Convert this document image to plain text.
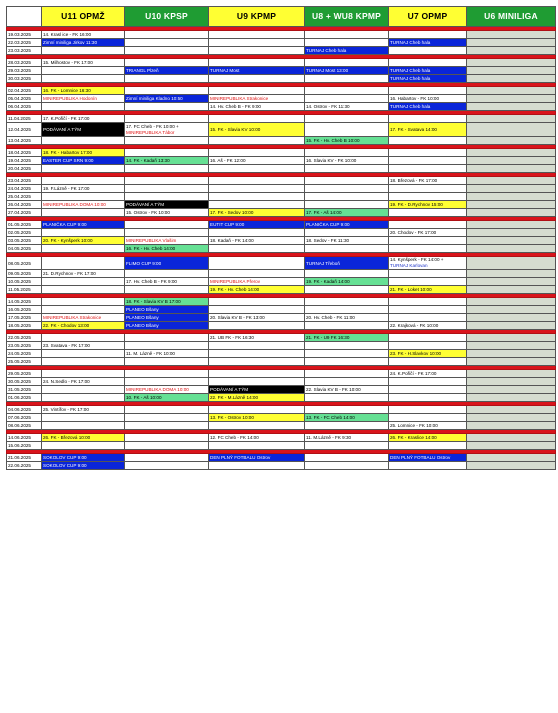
	U11 OPMŽ	U10 KPSP	U9 KPMP	U8 + WU8 KPMP	U7 OPMP	U6 MINILIGA

19.03.2025	14. Krasl ice - FK 16:00					
22.03.2025	Zimní miniliga Jirkov 11:30				TURNAJ Cheb hala	
23.03.2025				TURNAJ Cheb hala		

28.03.2025	15. Milhostov - FK 17:00					
29.03.2025		TRIANGL Plzeň	TURNAJ Most	TURNAJ Most 13:00	TURNAJ Cheb hala	
30.03.2025					TURNAJ Cheb hala	

02.04.2025	16. FK - Lomnice 16:30					
05.04.2025	MINIREPUBLIKA Hodonín	Zimní miniliga Kladno 10:50	MINIREPUBLIKA Strakonice		16. Habartov - FK 10:00	
06.04.2025			14. Hv. Cheb B - FK 9:00	14. Ostrov - FK 11:30	TURNAJ Cheb hala	

11.04.2025	17. K.Pořičí - FK 17:00					
12.04.2025	PODÁVANÍ A TÝM	17. FC Cheb - FK 10:00 +
MINIREPUBLIKA Tábor	15. FK - Slavia KV 10:00		17. FK - Svatava 14:00	
13.04.2025				15. FK - Hv. Cheb B 10:00		

18.04.2025	18. FK - Habartov 17:00					
19.04.2025	EASTER CUP SRN 9:00	14. FK - Kadaň 13:30	16. Aš - FK 12:00	16. Slavia KV - FK 10:00		
20.04.2025						

23.04.2025					18. Březová - FK 17:00	
24.04.2025	19. F.Lázně - FK 17:00					
25.04.2025						
26.04.2025	MINIREPUBLIKA DOMA 10:00	PODÁVANÍ A TÝM			19. FK - D.Rychnov 15:00	
27.04.2025		15. Ostrov - FK 10:00	17. FK - Sedov 10:00	17. FK - Aš 14:00		

01.05.2025	PLANIČKA CUP 9:00		EUTIT CUP 9:00	PLANIČKA CUP 9:00		
02.05.2025					20. Chodov - FK 17:00	
03.05.2025	20. FK - Kynšperk 10:00	MINIREPUBLIKA Vlašim	18. Kadaň - FK 14:00	18. Sedov - FK 11:30		
04.05.2025		16. FK - Hv. Cheb 14:00				

08.05.2025		FLIMO CUP 9:00		TURNAJ Třeboň	14. Kynšperk - FK 14:00 +
TURNAJ Karlovan	

09.05.2025	21. D.Rychnov - FK 17:00					
10.05.2025		17. Hv. Cheb B - FK 9:00	MINIREPUBLIKA Přerov	19. FK - Kadaň 14:00		
11.05.2025			19. FK - Hv. Cheb 14:00		21. FK - Loket 10:00	

14.05.2025		18. FK - Slavia KV B 17:00				
16.05.2025		PLANEO Bšany				
17.05.2025	MINIREPUBLIKA Strakonice	PLANEO Bšany	20. Slavia KV B - FK 13:00	20. Hv. Cheb - FK 11:00		
18.05.2025	22. FK - Chodov 13:00	PLANEO Bšany			22. Krajková - FK 10:00	

22.05.2025			21. UB FK - FK 16:30	21. FK - U9 FK 16:30		
23.05.2025	23. Svatava - FK 17:00					
24.05.2025		11. M. Lázně - FK 10:00			23. FK - H.Slavkov 10:00	
25.05.2025						

29.05.2025					24. K.Pořičí - FK 17:00	
30.05.2025	24. N.Sedlo - FK 17:00					
31.05.2025		MINIREPUBLIKA DOMA 10:00	PODÁVANÍ A TÝM	22. Slavia KV B - FK 10:00		
01.06.2025		10. FK - Aš 10:00	22. FK - M.Lázně 14:00			

04.06.2025	25. Vintířov - FK 17:00					
07.06.2025			13. FK - Ostrov 10:00	13. FK - FC Cheb 14:00		
08.06.2025					25. Lomnice - FK 10:00	

14.06.2025	26. FK - Březová 10:00		12. FC Cheb - FK 14:00	11. M.Lázně - FK 9:30	26. FK - Kraslice 14:00	
15.06.2025						

21.06.2025	SOKOLOV CUP 9:00		DEN PLNÝ FOTBALU Ostrov		DEN PLNÝ FOTBALU Ostrov	
22.06.2025	SOKOLOV CUP 9:00					
